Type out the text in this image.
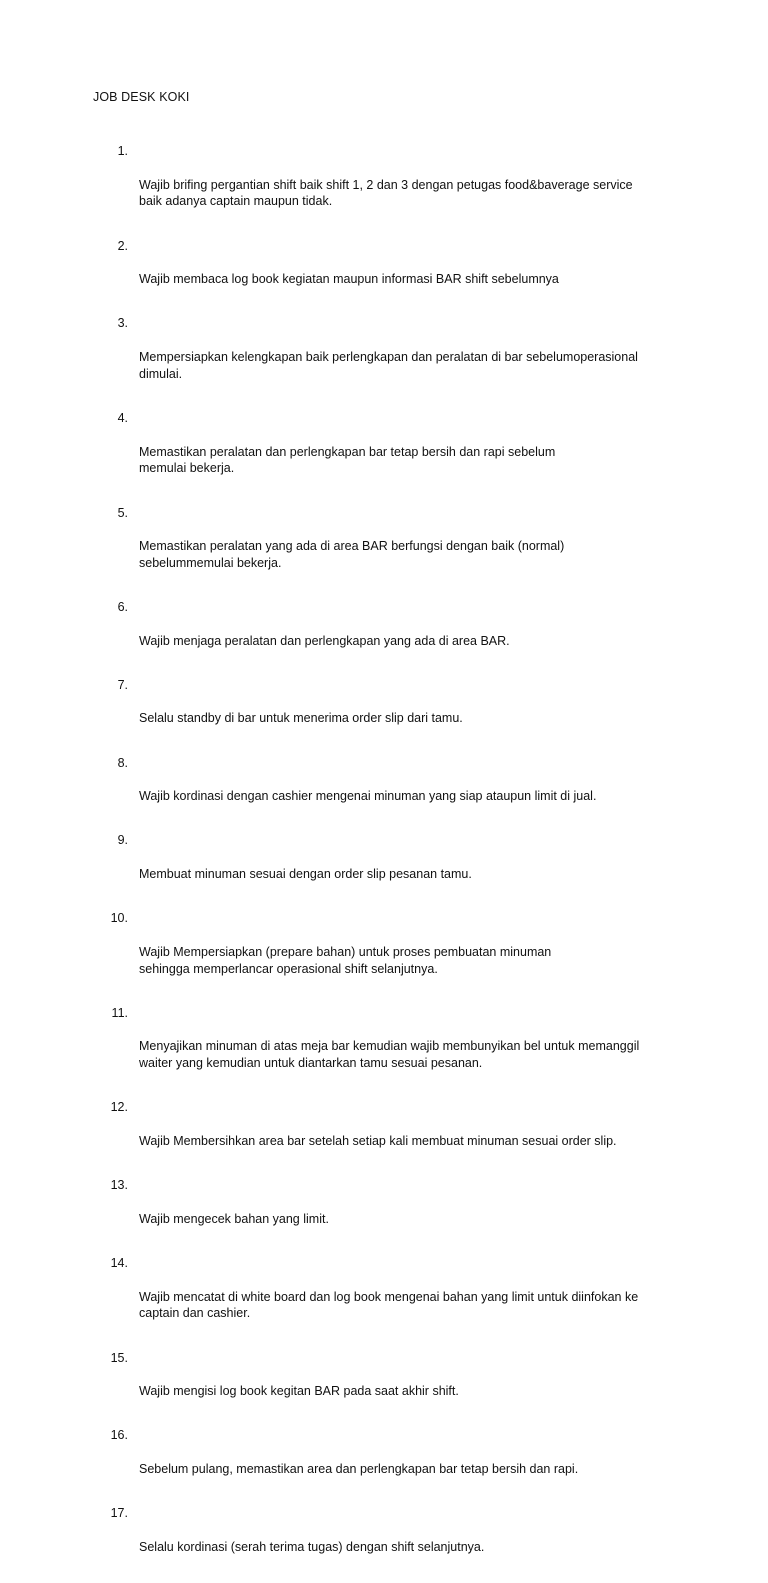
JOB DESK KOKI

1.

Wajib brifing pergantian shift baik shift 1, 2 dan 3 dengan petugas food&baverage service
baik adanya captain maupun tidak.

2.

Wajib membaca log book kegiatan maupun informasi BAR shift sebelumnya

3.

Mempersiapkan kelengkapan baik perlengkapan dan peralatan di bar sebelumoperasional
dimulai.

4.

Memastikan peralatan dan perlengkapan bar tetap bersih dan rapi sebelum
memulai bekerja.

5.

Memastikan peralatan yang ada di area BAR berfungsi dengan baik (normal)
sebelummemulai bekerja.

6.

Wajib menjaga peralatan dan perlengkapan yang ada di area BAR.

7.

Selalu standby di bar untuk menerima order slip dari tamu.

8.

Wajib kordinasi dengan cashier mengenai minuman yang siap ataupun limit di jual.

9.

Membuat minuman sesuai dengan order slip pesanan tamu.

10.

Wajib Mempersiapkan (prepare bahan) untuk proses pembuatan minuman
sehingga memperlancar operasional shift selanjutnya.

11.

Menyajikan minuman di atas meja bar kemudian wajib membunyikan bel untuk memanggil
waiter yang kemudian untuk diantarkan tamu sesuai pesanan.

12.

Wajib Membersihkan area bar setelah setiap kali membuat minuman sesuai order slip.

13.

Wajib mengecek bahan yang limit.

14.

Wajib mencatat di white board dan log book mengenai bahan yang limit untuk diinfokan ke
captain dan cashier.

15.

Wajib mengisi log book kegitan BAR pada saat akhir shift.

16.

Sebelum pulang, memastikan area dan perlengkapan bar tetap bersih dan rapi.

17.

Selalu kordinasi (serah terima tugas) dengan shift selanjutnya.
